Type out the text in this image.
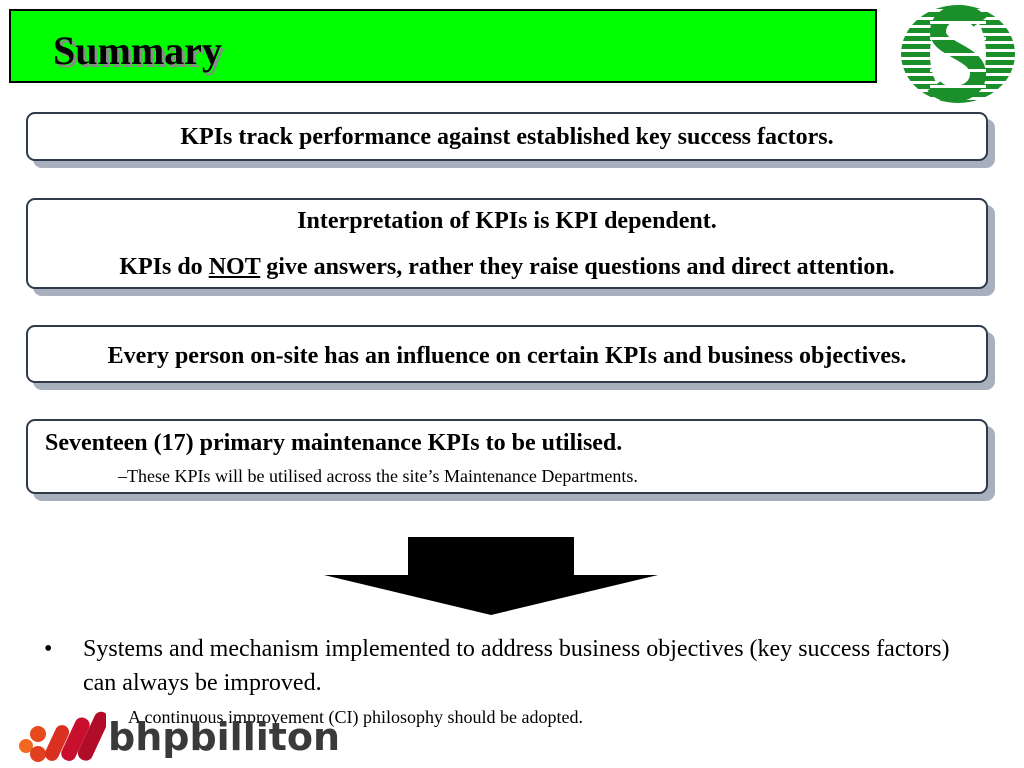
Summary
KPIs track performance against established key success factors.
Interpretation of KPIs is KPI dependent.
KPIs do NOT give answers, rather they raise questions and direct attention.
Every person on-site has an influence on certain KPIs and business objectives.
Seventeen (17) primary maintenance KPIs to be utilised.
–These KPIs will be utilised across the site’s Maintenance Departments.
• Systems and mechanism implemented to address business objectives (key success factors) can always be improved.
A continuous improvement (CI) philosophy should be adopted.
bhpbilliton
